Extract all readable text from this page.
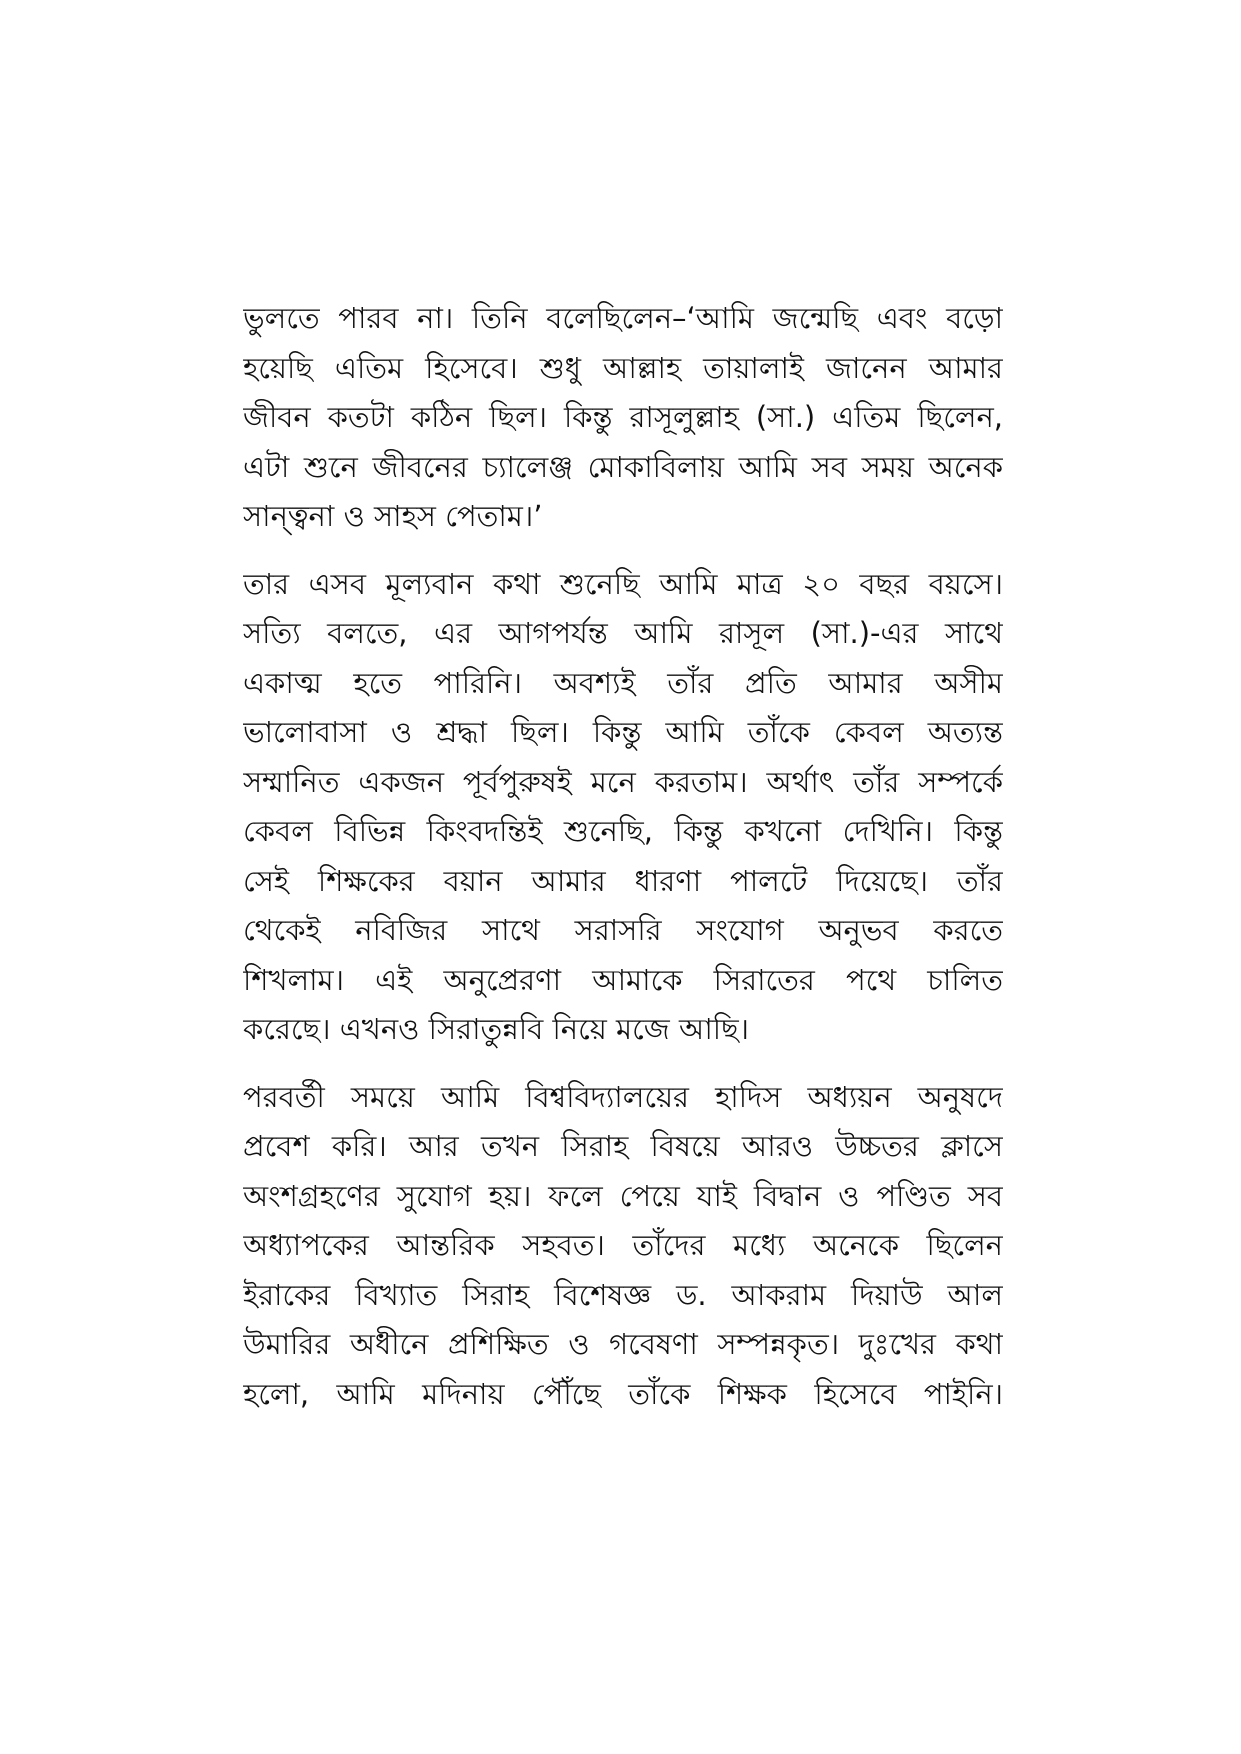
ভুলতে পারব না। তিনি বলেছিলেন–‘আমি জন্মেছি এবং বড়ো
হয়েছি এতিম হিসেবে। শুধু আল্লাহ তায়ালাই জানেন আমার
জীবন কতটা কঠিন ছিল। কিন্তু রাসূলুল্লাহ (সা.) এতিম ছিলেন,
এটা শুনে জীবনের চ্যালেঞ্জ মোকাবিলায় আমি সব সময় অনেক
সান্ত্বনা ও সাহস পেতাম।’

তার এসব মূল্যবান কথা শুনেছি আমি মাত্র ২০ বছর বয়সে।
সত্যি বলতে, এর আগপর্যন্ত আমি রাসূল (সা.)-এর সাথে
একাত্ম হতে পারিনি। অবশ্যই তাঁর প্রতি আমার অসীম
ভালোবাসা ও শ্রদ্ধা ছিল। কিন্তু আমি তাঁকে কেবল অত্যন্ত
সম্মানিত একজন পূর্বপুরুষই মনে করতাম। অর্থাৎ তাঁর সম্পর্কে
কেবল বিভিন্ন কিংবদন্তিই শুনেছি, কিন্তু কখনো দেখিনি। কিন্তু
সেই শিক্ষকের বয়ান আমার ধারণা পালটে দিয়েছে। তাঁর
থেকেই নবিজির সাথে সরাসরি সংযোগ অনুভব করতে
শিখলাম। এই অনুপ্রেরণা আমাকে সিরাতের পথে চালিত
করেছে। এখনও সিরাতুন্নবি নিয়ে মজে আছি।

পরবর্তী সময়ে আমি বিশ্ববিদ্যালয়ের হাদিস অধ্যয়ন অনুষদে
প্রবেশ করি। আর তখন সিরাহ বিষয়ে আরও উচ্চতর ক্লাসে
অংশগ্রহণের সুযোগ হয়। ফলে পেয়ে যাই বিদ্বান ও পণ্ডিত সব
অধ্যাপকের আন্তরিক সহবত। তাঁদের মধ্যে অনেকে ছিলেন
ইরাকের বিখ্যাত সিরাহ বিশেষজ্ঞ ড. আকরাম দিয়াউ আল
উমারির অধীনে প্রশিক্ষিত ও গবেষণা সম্পন্নকৃত। দুঃখের কথা
হলো, আমি মদিনায় পৌঁছে তাঁকে শিক্ষক হিসেবে পাইনি।
